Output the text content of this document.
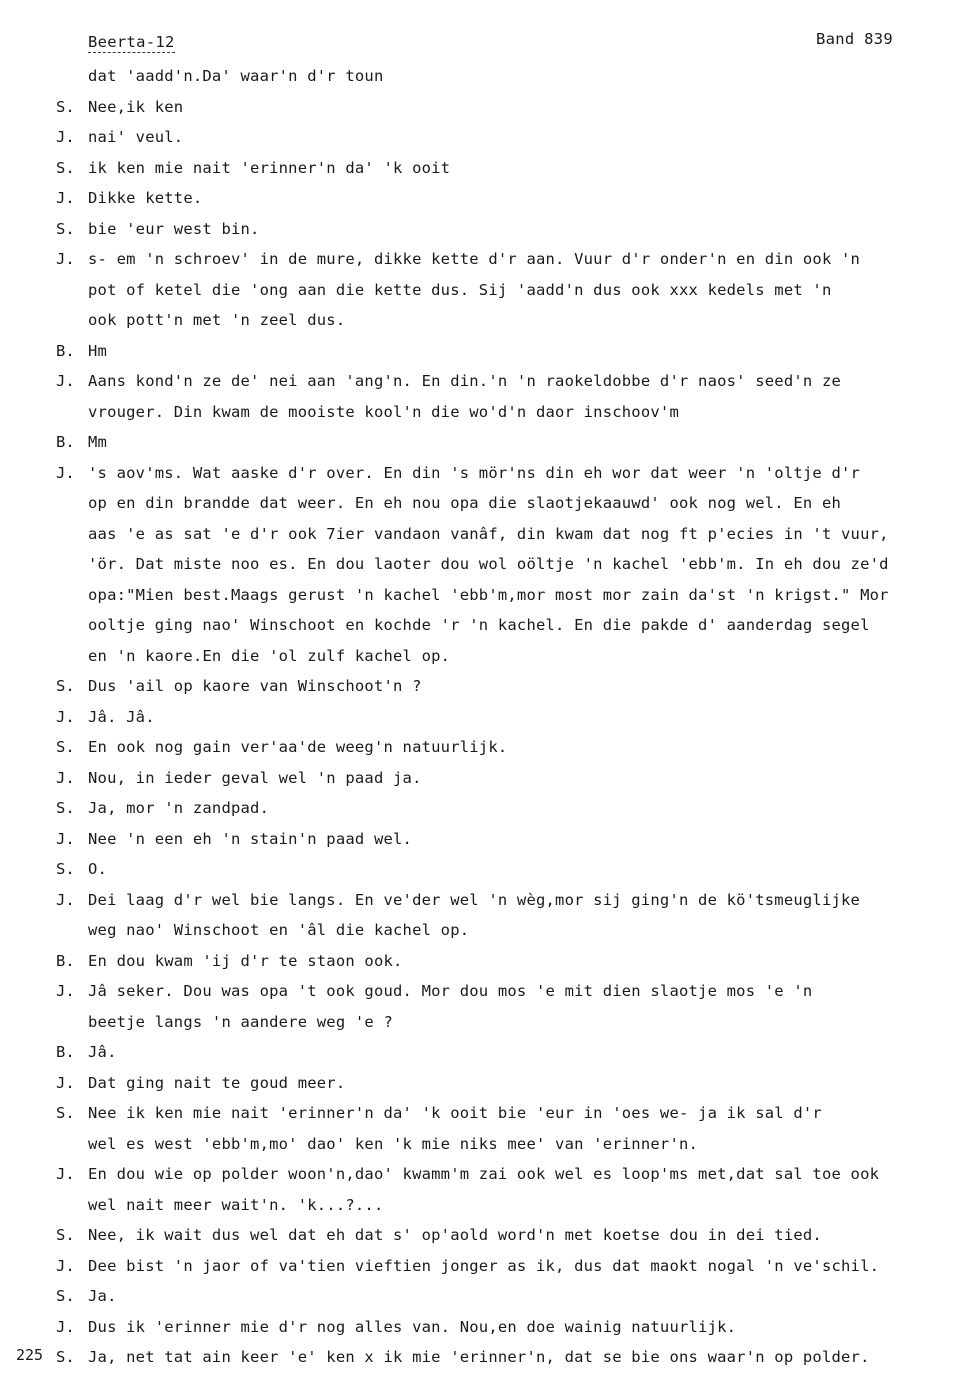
Beerta-12	Band 839
dat 'aadd'n.Da' waar'n d'r toun
S. Nee,ik ken
J. nai' veul.
S. ik ken mie nait 'erinner'n da' 'k ooit
J. Dikke kette.
S. bie 'eur west bin.
J. s- em 'n schroev' in de mure, dikke kette d'r aan. Vuur d'r onder'n en din ook 'n
pot of ketel die 'ong aan die kette dus. Sij 'aadd'n dus ook xxx kedels met 'n
ook pott'n met 'n zeel dus.
B. Hm
J. Aans kond'n ze de' nei aan 'ang'n. En din.'n 'n raokeldobbe d'r naos' seed'n ze
vrouger. Din kwam de mooiste kool'n die wo'd'n daor inschoov'm
B. Mm
J. 's aov'ms. Wat aaske d'r over. En din 's mör'ns din eh wor dat weer 'n 'oltje d'r
op en din brandde dat weer. En eh nou opa die slaotjekaauwd' ook nog wel. En eh
aas 'e as sat 'e d'r ook 7ier vandaon vanâf, din kwam dat nog ft p'ecies in 't vuur,
'ör. Dat miste noo es. En dou laoter dou wol oöltje 'n kachel 'ebb'm. In eh dou ze'd
opa:"Mien best.Maags gerust 'n kachel 'ebb'm,mor most mor zain da'st 'n krigst." Mor
ooltje ging nao' Winschoot en kochde 'r 'n kachel. En die pakde d' aanderdag segel
en 'n kaore.En die 'ol zulf kachel op.
S. Dus 'ail op kaore van Winschoot'n ?
J. Jâ. Jâ.
S. En ook nog gain ver'aa'de weeg'n natuurlijk.
J. Nou, in ieder geval wel 'n paad ja.
S. Ja, mor 'n zandpad.
J. Nee 'n een eh 'n stain'n paad wel.
S. O.
J. Dei laag d'r wel bie langs. En ve'der wel 'n wèg,mor sij ging'n de kö'tsmeuglijke
weg nao' Winschoot en 'âl die kachel op.
B. En dou kwam 'ij d'r te staon ook.
J. Jâ seker. Dou was opa 't ook goud. Mor dou mos 'e mit dien slaotje mos 'e 'n
beetje langs 'n aandere weg 'e ?
B. Jâ.
J. Dat ging nait te goud meer.
S. Nee ik ken mie nait 'erinner'n da' 'k ooit bie 'eur in 'oes we- ja ik sal d'r
wel es west 'ebb'm,mo' dao' ken 'k mie niks mee' van 'erinner'n.
J. En dou wie op polder woon'n,dao' kwamm'm zai ook wel es loop'ms met,dat sal toe ook
wel nait meer wait'n. 'k...?...
S. Nee, ik wait dus wel dat eh dat s' op'aold word'n met koetse dou in dei tied.
J. Dee bist 'n jaor of va'tien vieftien jonger as ik, dus dat maokt nogal 'n ve'schil.
S. Ja.
J. Dus ik 'erinner mie d'r nog alles van. Nou,en doe wainig natuurlijk.
S. Ja, net tat ain keer 'e' ken x ik mie 'erinner'n, dat se bie ons waar'n op polder.
225
